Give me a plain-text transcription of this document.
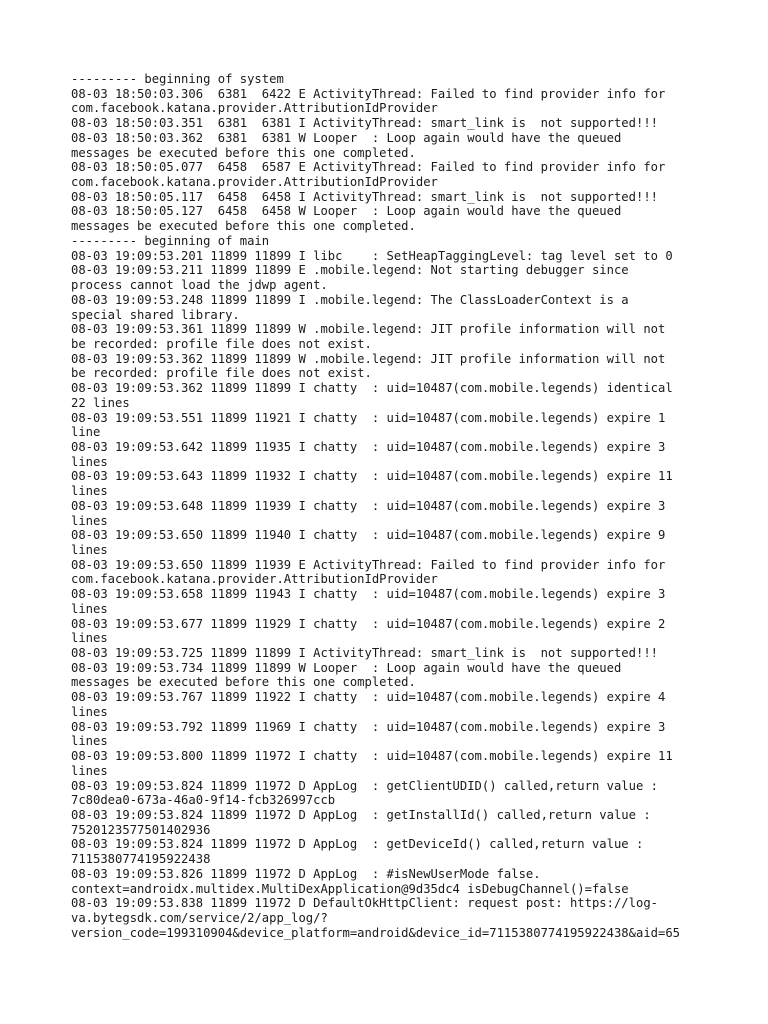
--------- beginning of system
08-03 18:50:03.306  6381  6422 E ActivityThread: Failed to find provider info for
com.facebook.katana.provider.AttributionIdProvider
08-03 18:50:03.351  6381  6381 I ActivityThread: smart_link is  not supported!!!
08-03 18:50:03.362  6381  6381 W Looper  : Loop again would have the queued
messages be executed before this one completed.
08-03 18:50:05.077  6458  6587 E ActivityThread: Failed to find provider info for
com.facebook.katana.provider.AttributionIdProvider
08-03 18:50:05.117  6458  6458 I ActivityThread: smart_link is  not supported!!!
08-03 18:50:05.127  6458  6458 W Looper  : Loop again would have the queued
messages be executed before this one completed.
--------- beginning of main
08-03 19:09:53.201 11899 11899 I libc    : SetHeapTaggingLevel: tag level set to 0
08-03 19:09:53.211 11899 11899 E .mobile.legend: Not starting debugger since
process cannot load the jdwp agent.
08-03 19:09:53.248 11899 11899 I .mobile.legend: The ClassLoaderContext is a
special shared library.
08-03 19:09:53.361 11899 11899 W .mobile.legend: JIT profile information will not
be recorded: profile file does not exist.
08-03 19:09:53.362 11899 11899 W .mobile.legend: JIT profile information will not
be recorded: profile file does not exist.
08-03 19:09:53.362 11899 11899 I chatty  : uid=10487(com.mobile.legends) identical
22 lines
08-03 19:09:53.551 11899 11921 I chatty  : uid=10487(com.mobile.legends) expire 1
line
08-03 19:09:53.642 11899 11935 I chatty  : uid=10487(com.mobile.legends) expire 3
lines
08-03 19:09:53.643 11899 11932 I chatty  : uid=10487(com.mobile.legends) expire 11
lines
08-03 19:09:53.648 11899 11939 I chatty  : uid=10487(com.mobile.legends) expire 3
lines
08-03 19:09:53.650 11899 11940 I chatty  : uid=10487(com.mobile.legends) expire 9
lines
08-03 19:09:53.650 11899 11939 E ActivityThread: Failed to find provider info for
com.facebook.katana.provider.AttributionIdProvider
08-03 19:09:53.658 11899 11943 I chatty  : uid=10487(com.mobile.legends) expire 3
lines
08-03 19:09:53.677 11899 11929 I chatty  : uid=10487(com.mobile.legends) expire 2
lines
08-03 19:09:53.725 11899 11899 I ActivityThread: smart_link is  not supported!!!
08-03 19:09:53.734 11899 11899 W Looper  : Loop again would have the queued
messages be executed before this one completed.
08-03 19:09:53.767 11899 11922 I chatty  : uid=10487(com.mobile.legends) expire 4
lines
08-03 19:09:53.792 11899 11969 I chatty  : uid=10487(com.mobile.legends) expire 3
lines
08-03 19:09:53.800 11899 11972 I chatty  : uid=10487(com.mobile.legends) expire 11
lines
08-03 19:09:53.824 11899 11972 D AppLog  : getClientUDID() called,return value :
7c80dea0-673a-46a0-9f14-fcb326997ccb
08-03 19:09:53.824 11899 11972 D AppLog  : getInstallId() called,return value :
7520123577501402936
08-03 19:09:53.824 11899 11972 D AppLog  : getDeviceId() called,return value :
7115380774195922438
08-03 19:09:53.826 11899 11972 D AppLog  : #isNewUserMode false.
context=androidx.multidex.MultiDexApplication@9d35dc4 isDebugChannel()=false
08-03 19:09:53.838 11899 11972 D DefaultOkHttpClient: request post: https://log-
va.bytegsdk.com/service/2/app_log/?
version_code=199310904&device_platform=android&device_id=7115380774195922438&aid=65
